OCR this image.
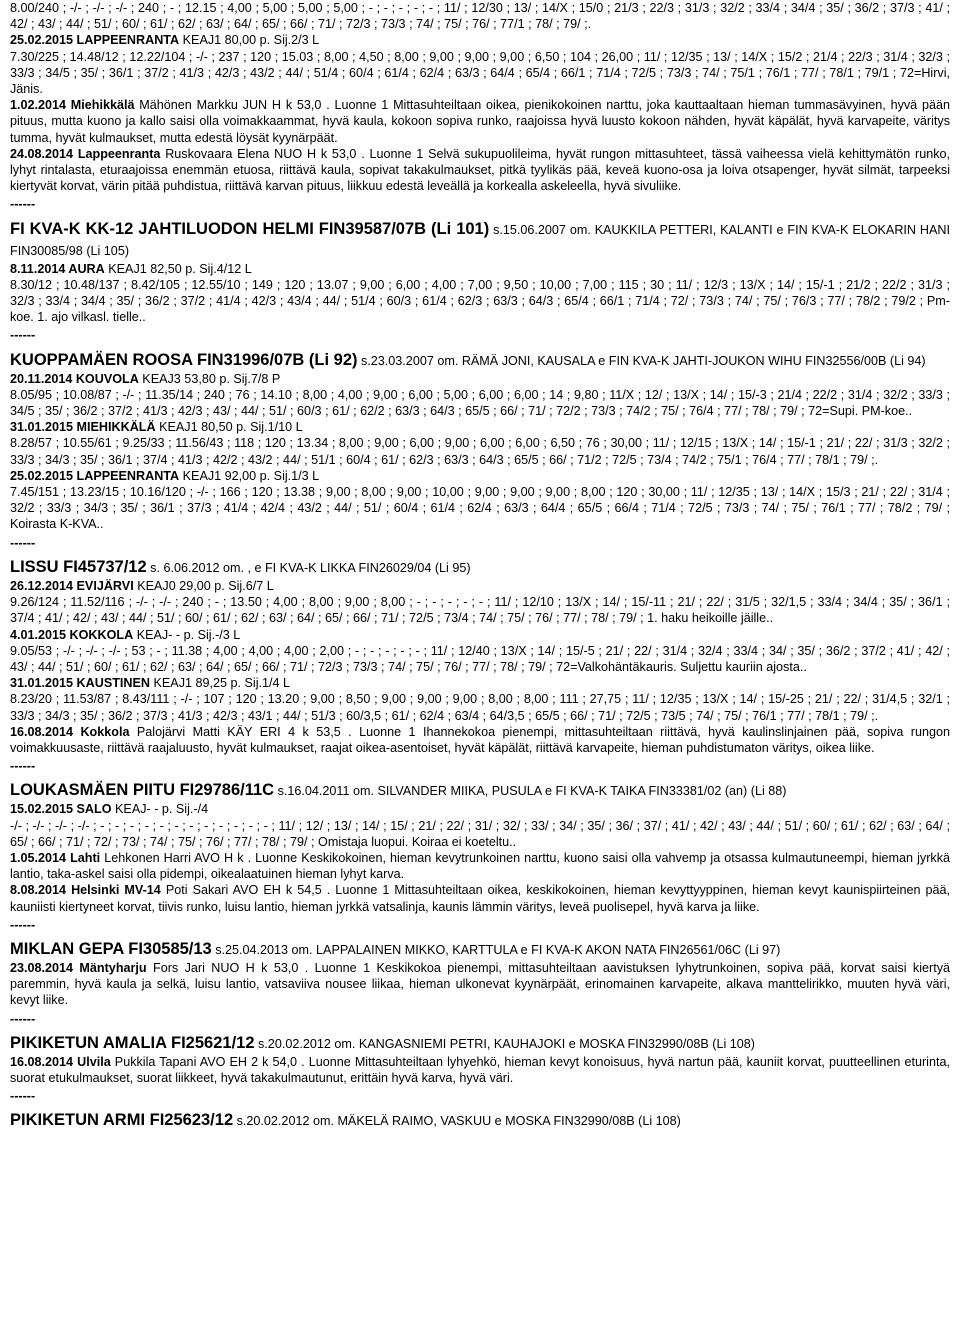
8.00/240 ; -/- ; -/- ; -/- ; 240 ; - ; 12.15 ; 4,00 ; 5,00 ; 5,00 ; 5,00 ; - ; - ; - ; - ; - ; 11/ ; 12/30 ; 13/ ; 14/X ; 15/0 ; 21/3 ; 22/3 ; 31/3 ; 32/2 ; 33/4 ; 34/4 ; 35/ ; 36/2 ; 37/3 ; 41/ ; 42/ ; 43/ ; 44/ ; 51/ ; 60/ ; 61/ ; 62/ ; 63/ ; 64/ ; 65/ ; 66/ ; 71/ ; 72/3 ; 73/3 ; 74/ ; 75/ ; 76/ ; 77/1 ; 78/ ; 79/ ;.

25.02.2015 LAPPEENRANTA KEAJ1 80,00 p. Sij.2/3 L

7.30/225 ; 14.48/12 ; 12.22/104 ; -/- ; 237 ; 120 ; 15.03 ; 8,00 ; 4,50 ; 8,00 ; 9,00 ; 9,00 ; 9,00 ; 6,50 ; 104 ; 26,00 ; 11/ ; 12/35 ; 13/ ; 14/X ; 15/2 ; 21/4 ; 22/3 ; 31/4 ; 32/3 ; 33/3 ; 34/5 ; 35/ ; 36/1 ; 37/2 ; 41/3 ; 42/3 ; 43/2 ; 44/ ; 51/4 ; 60/4 ; 61/4 ; 62/4 ; 63/3 ; 64/4 ; 65/4 ; 66/1 ; 71/4 ; 72/5 ; 73/3 ; 74/ ; 75/1 ; 76/1 ; 77/ ; 78/1 ; 79/1 ; 72=Hirvi, Jänis.

1.02.2014 Miehikkälä Mähönen Markku JUN H k 53,0 . Luonne 1 Mittasuhteiltaan oikea, pienikokoinen narttu, joka kauttaaltaan hieman tummasävyinen, hyvä pään pituus, mutta kuono ja kallo saisi olla voimakkaammat, hyvä kaula, kokoon sopiva runko, raajoissa hyvä luusto kokoon nähden, hyvät käpälät, hyvä karvapeite, väritys tumma, hyvät kulmaukset, mutta edestä löysät kyynärpäät.

24.08.2014 Lappeenranta Ruskovaara Elena NUO H k 53,0 . Luonne 1 Selvä sukupuolileima, hyvät rungon mittasuhteet, tässä vaiheessa vielä kehittymätön runko, lyhyt rintalasta, eturaajoissa enemmän etuosa, riittävä kaula, sopivat takakulmaukset, pitkä tyylikäs pää, keveä kuono-osa ja loiva otsapenger, hyvät silmät, tarpeeksi kiertyvät korvat, värin pitää puhdistua, riittävä karvan pituus, liikkuu edestä leveällä ja korkealla askeleella, hyvä sivuliike.

------

FI KVA-K KK-12 JAHTILUODON HELMI FIN39587/07B (Li 101) s.15.06.2007 om. KAUKKILA PETTERI, KALANTI e FIN KVA-K ELOKARIN HANI FIN30085/98 (Li 105)

8.11.2014 AURA KEAJ1 82,50 p. Sij.4/12 L

8.30/12 ; 10.48/137 ; 8.42/105 ; 12.55/10 ; 149 ; 120 ; 13.07 ; 9,00 ; 6,00 ; 4,00 ; 7,00 ; 9,50 ; 10,00 ; 7,00 ; 115 ; 30 ; 11/ ; 12/3 ; 13/X ; 14/ ; 15/-1 ; 21/2 ; 22/2 ; 31/3 ; 32/3 ; 33/4 ; 34/4 ; 35/ ; 36/2 ; 37/2 ; 41/4 ; 42/3 ; 43/4 ; 44/ ; 51/4 ; 60/3 ; 61/4 ; 62/3 ; 63/3 ; 64/3 ; 65/4 ; 66/1 ; 71/4 ; 72/ ; 73/3 ; 74/ ; 75/ ; 76/3 ; 77/ ; 78/2 ; 79/2 ; Pm-koe. 1. ajo vilkasl. tielle..

------

KUOPPAMÄEN ROOSA FIN31996/07B (Li 92) s.23.03.2007 om. RÄMÄ JONI, KAUSALA e FIN KVA-K JAHTI-JOUKON WIHU FIN32556/00B (Li 94)

20.11.2014 KOUVOLA KEAJ3 53,80 p. Sij.7/8 P

8.05/95 ; 10.08/87 ; -/- ; 11.35/14 ; 240 ; 76 ; 14.10 ; 8,00 ; 4,00 ; 9,00 ; 6,00 ; 5,00 ; 6,00 ; 6,00 ; 14 ; 9,80 ; 11/X ; 12/ ; 13/X ; 14/ ; 15/-3 ; 21/4 ; 22/2 ; 31/4 ; 32/2 ; 33/3 ; 34/5 ; 35/ ; 36/2 ; 37/2 ; 41/3 ; 42/3 ; 43/ ; 44/ ; 51/ ; 60/3 ; 61/ ; 62/2 ; 63/3 ; 64/3 ; 65/5 ; 66/ ; 71/ ; 72/2 ; 73/3 ; 74/2 ; 75/ ; 76/4 ; 77/ ; 78/ ; 79/ ; 72=Supi. PM-koe..

31.01.2015 MIEHIKKÄLÄ KEAJ1 80,50 p. Sij.1/10 L

8.28/57 ; 10.55/61 ; 9.25/33 ; 11.56/43 ; 118 ; 120 ; 13.34 ; 8,00 ; 9,00 ; 6,00 ; 9,00 ; 6,00 ; 6,00 ; 6,50 ; 76 ; 30,00 ; 11/ ; 12/15 ; 13/X ; 14/ ; 15/-1 ; 21/ ; 22/ ; 31/3 ; 32/2 ; 33/3 ; 34/3 ; 35/ ; 36/1 ; 37/4 ; 41/3 ; 42/2 ; 43/2 ; 44/ ; 51/1 ; 60/4 ; 61/ ; 62/3 ; 63/3 ; 64/3 ; 65/5 ; 66/ ; 71/2 ; 72/5 ; 73/4 ; 74/2 ; 75/1 ; 76/4 ; 77/ ; 78/1 ; 79/ ;.

25.02.2015 LAPPEENRANTA KEAJ1 92,00 p. Sij.1/3 L

7.45/151 ; 13.23/15 ; 10.16/120 ; -/- ; 166 ; 120 ; 13.38 ; 9,00 ; 8,00 ; 9,00 ; 10,00 ; 9,00 ; 9,00 ; 9,00 ; 8,00 ; 120 ; 30,00 ; 11/ ; 12/35 ; 13/ ; 14/X ; 15/3 ; 21/ ; 22/ ; 31/4 ; 32/2 ; 33/3 ; 34/3 ; 35/ ; 36/1 ; 37/3 ; 41/4 ; 42/4 ; 43/2 ; 44/ ; 51/ ; 60/4 ; 61/4 ; 62/4 ; 63/3 ; 64/4 ; 65/5 ; 66/4 ; 71/4 ; 72/5 ; 73/3 ; 74/ ; 75/ ; 76/1 ; 77/ ; 78/2 ; 79/ ; Koirasta K-KVA..

------

LISSU FI45737/12 s. 6.06.2012 om. , e FI KVA-K LIKKA FIN26029/04 (Li 95)

26.12.2014 EVIJÄRVI KEAJ0 29,00 p. Sij.6/7 L

9.26/124 ; 11.52/116 ; -/- ; -/- ; 240 ; - ; 13.50 ; 4,00 ; 8,00 ; 9,00 ; 8,00 ; - ; - ; - ; - ; - ; 11/ ; 12/10 ; 13/X ; 14/ ; 15/-11 ; 21/ ; 22/ ; 31/5 ; 32/1,5 ; 33/4 ; 34/4 ; 35/ ; 36/1 ; 37/4 ; 41/ ; 42/ ; 43/ ; 44/ ; 51/ ; 60/ ; 61/ ; 62/ ; 63/ ; 64/ ; 65/ ; 66/ ; 71/ ; 72/5 ; 73/4 ; 74/ ; 75/ ; 76/ ; 77/ ; 78/ ; 79/ ; 1. haku heikoille jäille..

4.01.2015 KOKKOLA KEAJ- - p. Sij.-/3 L

9.05/53 ; -/- ; -/- ; -/- ; 53 ; - ; 11.38 ; 4,00 ; 4,00 ; 4,00 ; 2,00 ; - ; - ; - ; - ; - ; 11/ ; 12/40 ; 13/X ; 14/ ; 15/-5 ; 21/ ; 22/ ; 31/4 ; 32/4 ; 33/4 ; 34/ ; 35/ ; 36/2 ; 37/2 ; 41/ ; 42/ ; 43/ ; 44/ ; 51/ ; 60/ ; 61/ ; 62/ ; 63/ ; 64/ ; 65/ ; 66/ ; 71/ ; 72/3 ; 73/3 ; 74/ ; 75/ ; 76/ ; 77/ ; 78/ ; 79/ ; 72=Valkohäntäkauris. Suljettu kauriin ajosta..

31.01.2015 KAUSTINEN KEAJ1 89,25 p. Sij.1/4 L

8.23/20 ; 11.53/87 ; 8.43/111 ; -/- ; 107 ; 120 ; 13.20 ; 9,00 ; 8,50 ; 9,00 ; 9,00 ; 9,00 ; 8,00 ; 8,00 ; 111 ; 27,75 ; 11/ ; 12/35 ; 13/X ; 14/ ; 15/-25 ; 21/ ; 22/ ; 31/4,5 ; 32/1 ; 33/3 ; 34/3 ; 35/ ; 36/2 ; 37/3 ; 41/3 ; 42/3 ; 43/1 ; 44/ ; 51/3 ; 60/3,5 ; 61/ ; 62/4 ; 63/4 ; 64/3,5 ; 65/5 ; 66/ ; 71/ ; 72/5 ; 73/5 ; 74/ ; 75/ ; 76/1 ; 77/ ; 78/1 ; 79/ ;.

16.08.2014 Kokkola Palojärvi Matti KÄY ERI 4 k 53,5 . Luonne 1 Ihannekokoa pienempi, mittasuhteiltaan riittävä, hyvä kaulinslinjainen pää, sopiva rungon voimakkuusaste, riittävä raajaluusto, hyvät kulmaukset, raajat oikea-asentoiset, hyvät käpälät, riittävä karvapeite, hieman puhdistumaton väritys, oikea liike.

------

LOUKASMÄEN PIITU FI29786/11C s.16.04.2011 om. SILVANDER MIIKA, PUSULA e FI KVA-K TAIKA FIN33381/02 (an) (Li 88)

15.02.2015 SALO KEAJ- - p. Sij.-/4

-/- ; -/- ; -/- ; -/- ; - ; - ; - ; - ; - ; - ; - ; - ; - ; - ; - ; - ; 11/ ; 12/ ; 13/ ; 14/ ; 15/ ; 21/ ; 22/ ; 31/ ; 32/ ; 33/ ; 34/ ; 35/ ; 36/ ; 37/ ; 41/ ; 42/ ; 43/ ; 44/ ; 51/ ; 60/ ; 61/ ; 62/ ; 63/ ; 64/ ; 65/ ; 66/ ; 71/ ; 72/ ; 73/ ; 74/ ; 75/ ; 76/ ; 77/ ; 78/ ; 79/ ; Omistaja luopui. Koiraa ei koeteltu..

1.05.2014 Lahti Lehkonen Harri AVO H k . Luonne Keskikokoinen, hieman kevytrunkoinen narttu, kuono saisi olla vahvemp ja otsassa kulmautuneempi, hieman jyrkkä lantio, taka-askel saisi olla pidempi, oikealaatuinen hieman lyhyt karva.

8.08.2014 Helsinki MV-14 Poti Sakari AVO EH k 54,5 . Luonne 1 Mittasuhteiltaan oikea, keskikokoinen, hieman kevyttyyppinen, hieman kevyt kaunispiirteinen pää, kauniisti kiertyneet korvat, tiivis runko, luisu lantio, hieman jyrkkä vatsalinja, kaunis lämmin väritys, leveä puolisepel, hyvä karva ja liike.

------

MIKLAN GEPA FI30585/13 s.25.04.2013 om. LAPPALAINEN MIKKO, KARTTULA e FI KVA-K AKON NATA FIN26561/06C (Li 97)

23.08.2014 Mäntyharju Fors Jari NUO H k 53,0 . Luonne 1 Keskikokoa pienempi, mittasuhteiltaan aavistuksen lyhytrunkoinen, sopiva pää, korvat saisi kiertyä paremmin, hyvä kaula ja selkä, luisu lantio, vatsaviiva nousee liikaa, hieman ulkonevat kyynärpäät, erinomainen karvapeite, alkava manttelirikko, muuten hyvä väri, kevyt liike.

------

PIKIKETUN AMALIA FI25621/12 s.20.02.2012 om. KANGASNIEMI PETRI, KAUHAJOKI e MOSKA FIN32990/08B (Li 108)

16.08.2014 Ulvila Pukkila Tapani AVO EH 2 k 54,0 . Luonne Mittasuhteiltaan lyhyehkö, hieman kevyt konoisuus, hyvä nartun pää, kauniit korvat, puutteellinen eturinta, suorat etukulmaukset, suorat liikkeet, hyvä takakulmautunut, erittäin hyvä karva, hyvä väri.

------

PIKIKETUN ARMI FI25623/12 s.20.02.2012 om. MÄKELÄ RAIMO, VASKUU e MOSKA FIN32990/08B (Li 108)
